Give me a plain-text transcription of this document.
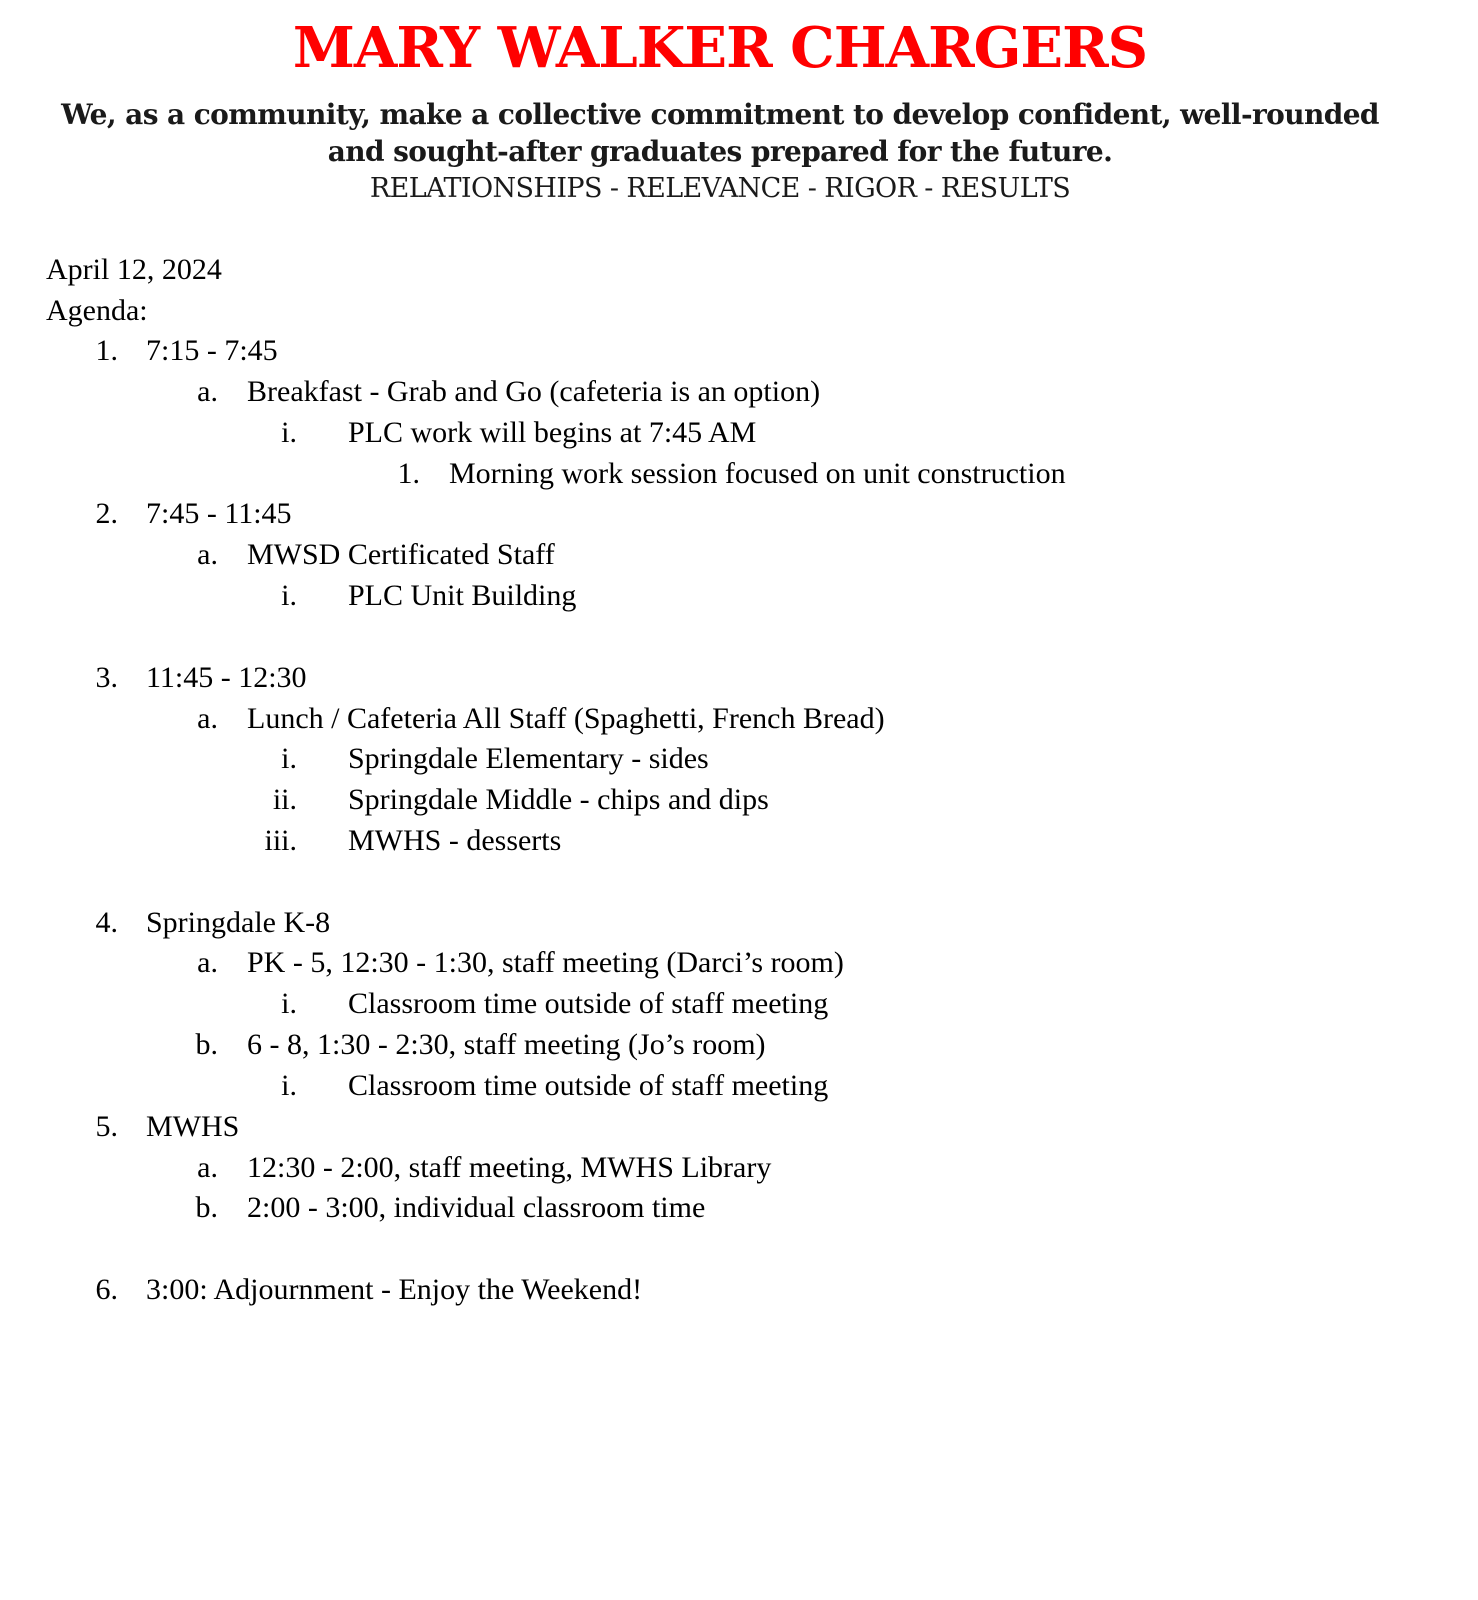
MARY WALKER CHARGERS

We, as a community, make a collective commitment to develop confident, well-rounded and sought-after graduates prepared for the future.

RELATIONSHIPS - RELEVANCE - RIGOR - RESULTS

April 12, 2024

Agenda:

1. 7:15 - 7:45
a. Breakfast - Grab and Go (cafeteria is an option)
i. PLC work will begins at 7:45 AM
1. Morning work session focused on unit construction
2. 7:45 - 11:45
a. MWSD Certificated Staff
i. PLC Unit Building
3. 11:45 - 12:30
a. Lunch / Cafeteria All Staff (Spaghetti, French Bread)
i. Springdale Elementary - sides
ii. Springdale Middle - chips and dips
iii. MWHS - desserts
4. Springdale K-8
a. PK - 5, 12:30 - 1:30, staff meeting (Darci’s room)
i. Classroom time outside of staff meeting
b. 6 - 8, 1:30 - 2:30, staff meeting (Jo’s room)
i. Classroom time outside of staff meeting
5. MWHS
a. 12:30 - 2:00, staff meeting, MWHS Library
b. 2:00 - 3:00, individual classroom time
6. 3:00: Adjournment - Enjoy the Weekend!
